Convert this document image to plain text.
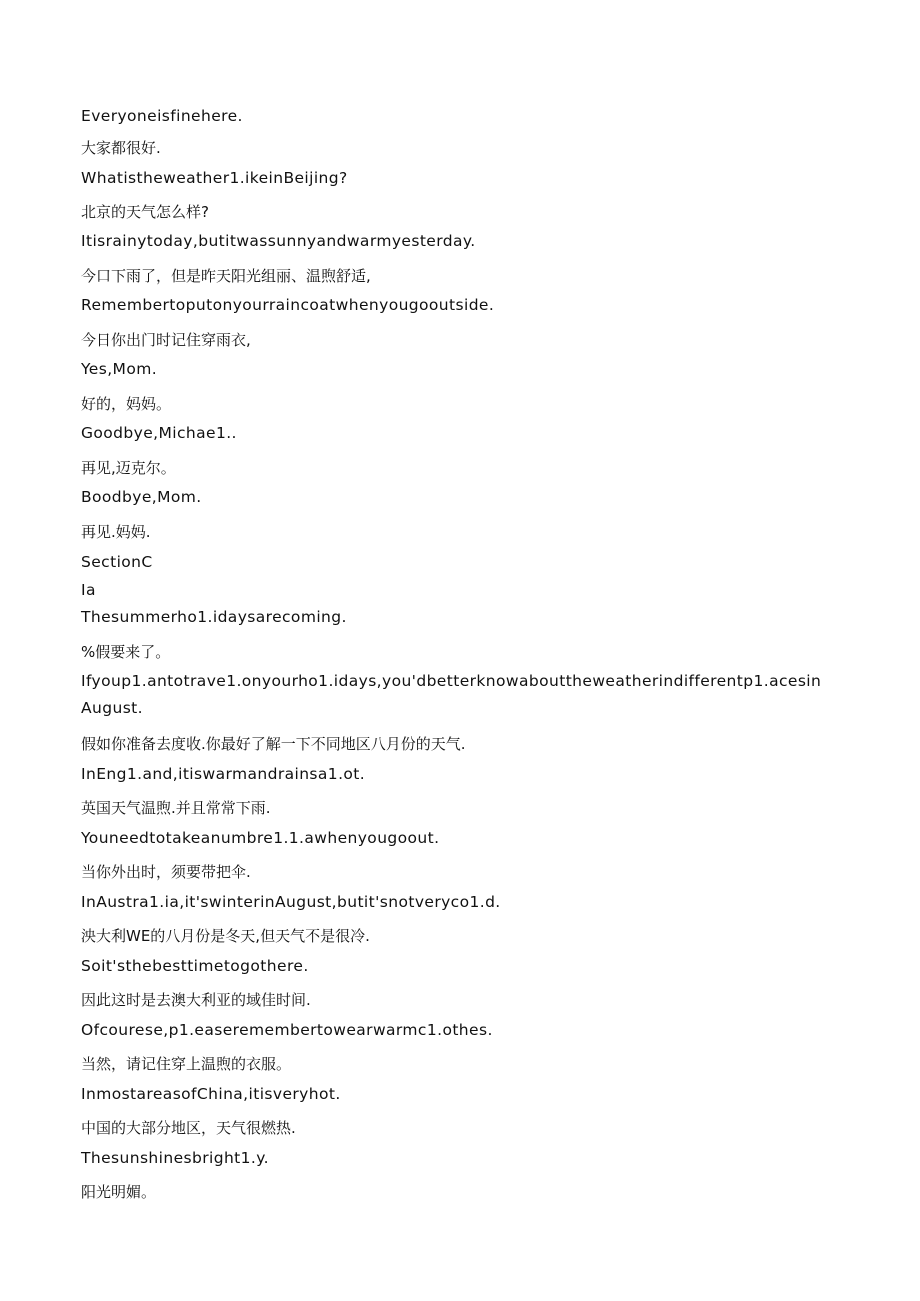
Everyoneisfinehere.
大家都很好.
Whatistheweather1.ikeinBeijing?
北京的天气怎么样?
Itisrainytoday,butitwassunnyandwarmyesterday.
今口下雨了，但是昨天阳光组丽、温煦舒适,
Remembertoputonyourraincoatwhenyougooutside.
今日你出门时记住穿雨衣,
Yes,Mom.
好的，妈妈。
Goodbye,Michae1..
再见,迈克尔。
Boodbye,Mom.
再见.妈妈.
SectionC
Ia
Thesummerho1.idaysarecoming.
%假要来了。
Ifyoup1.antotrave1.onyourho1.idays,you'dbetterknowabouttheweatherindifferentp1.acesinAugust.
假如你准备去度收.你最好了解一下不同地区八月份的天气.
InEng1.and,itiswarmandrainsa1.ot.
英国天气温煦.并且常常下雨.
Youneedtotakeanumbre1.1.awhenyougoout.
当你外出时，须要带把伞.
InAustra1.ia,it'swinterinAugust,butit'snotveryco1.d.
泱大利WE的八月份是冬天,但天气不是很冷.
Soit'sthebesttimetogothere.
因此这时是去澳大利亚的域佳时间.
Ofcourese,p1.easeremembertowearwarmc1.othes.
当然，请记住穿上温煦的衣服。
InmostareasofChina,itisveryhot.
中国的大部分地区，天气很燃热.
Thesunshinesbright1.y.
阳光明媚。
